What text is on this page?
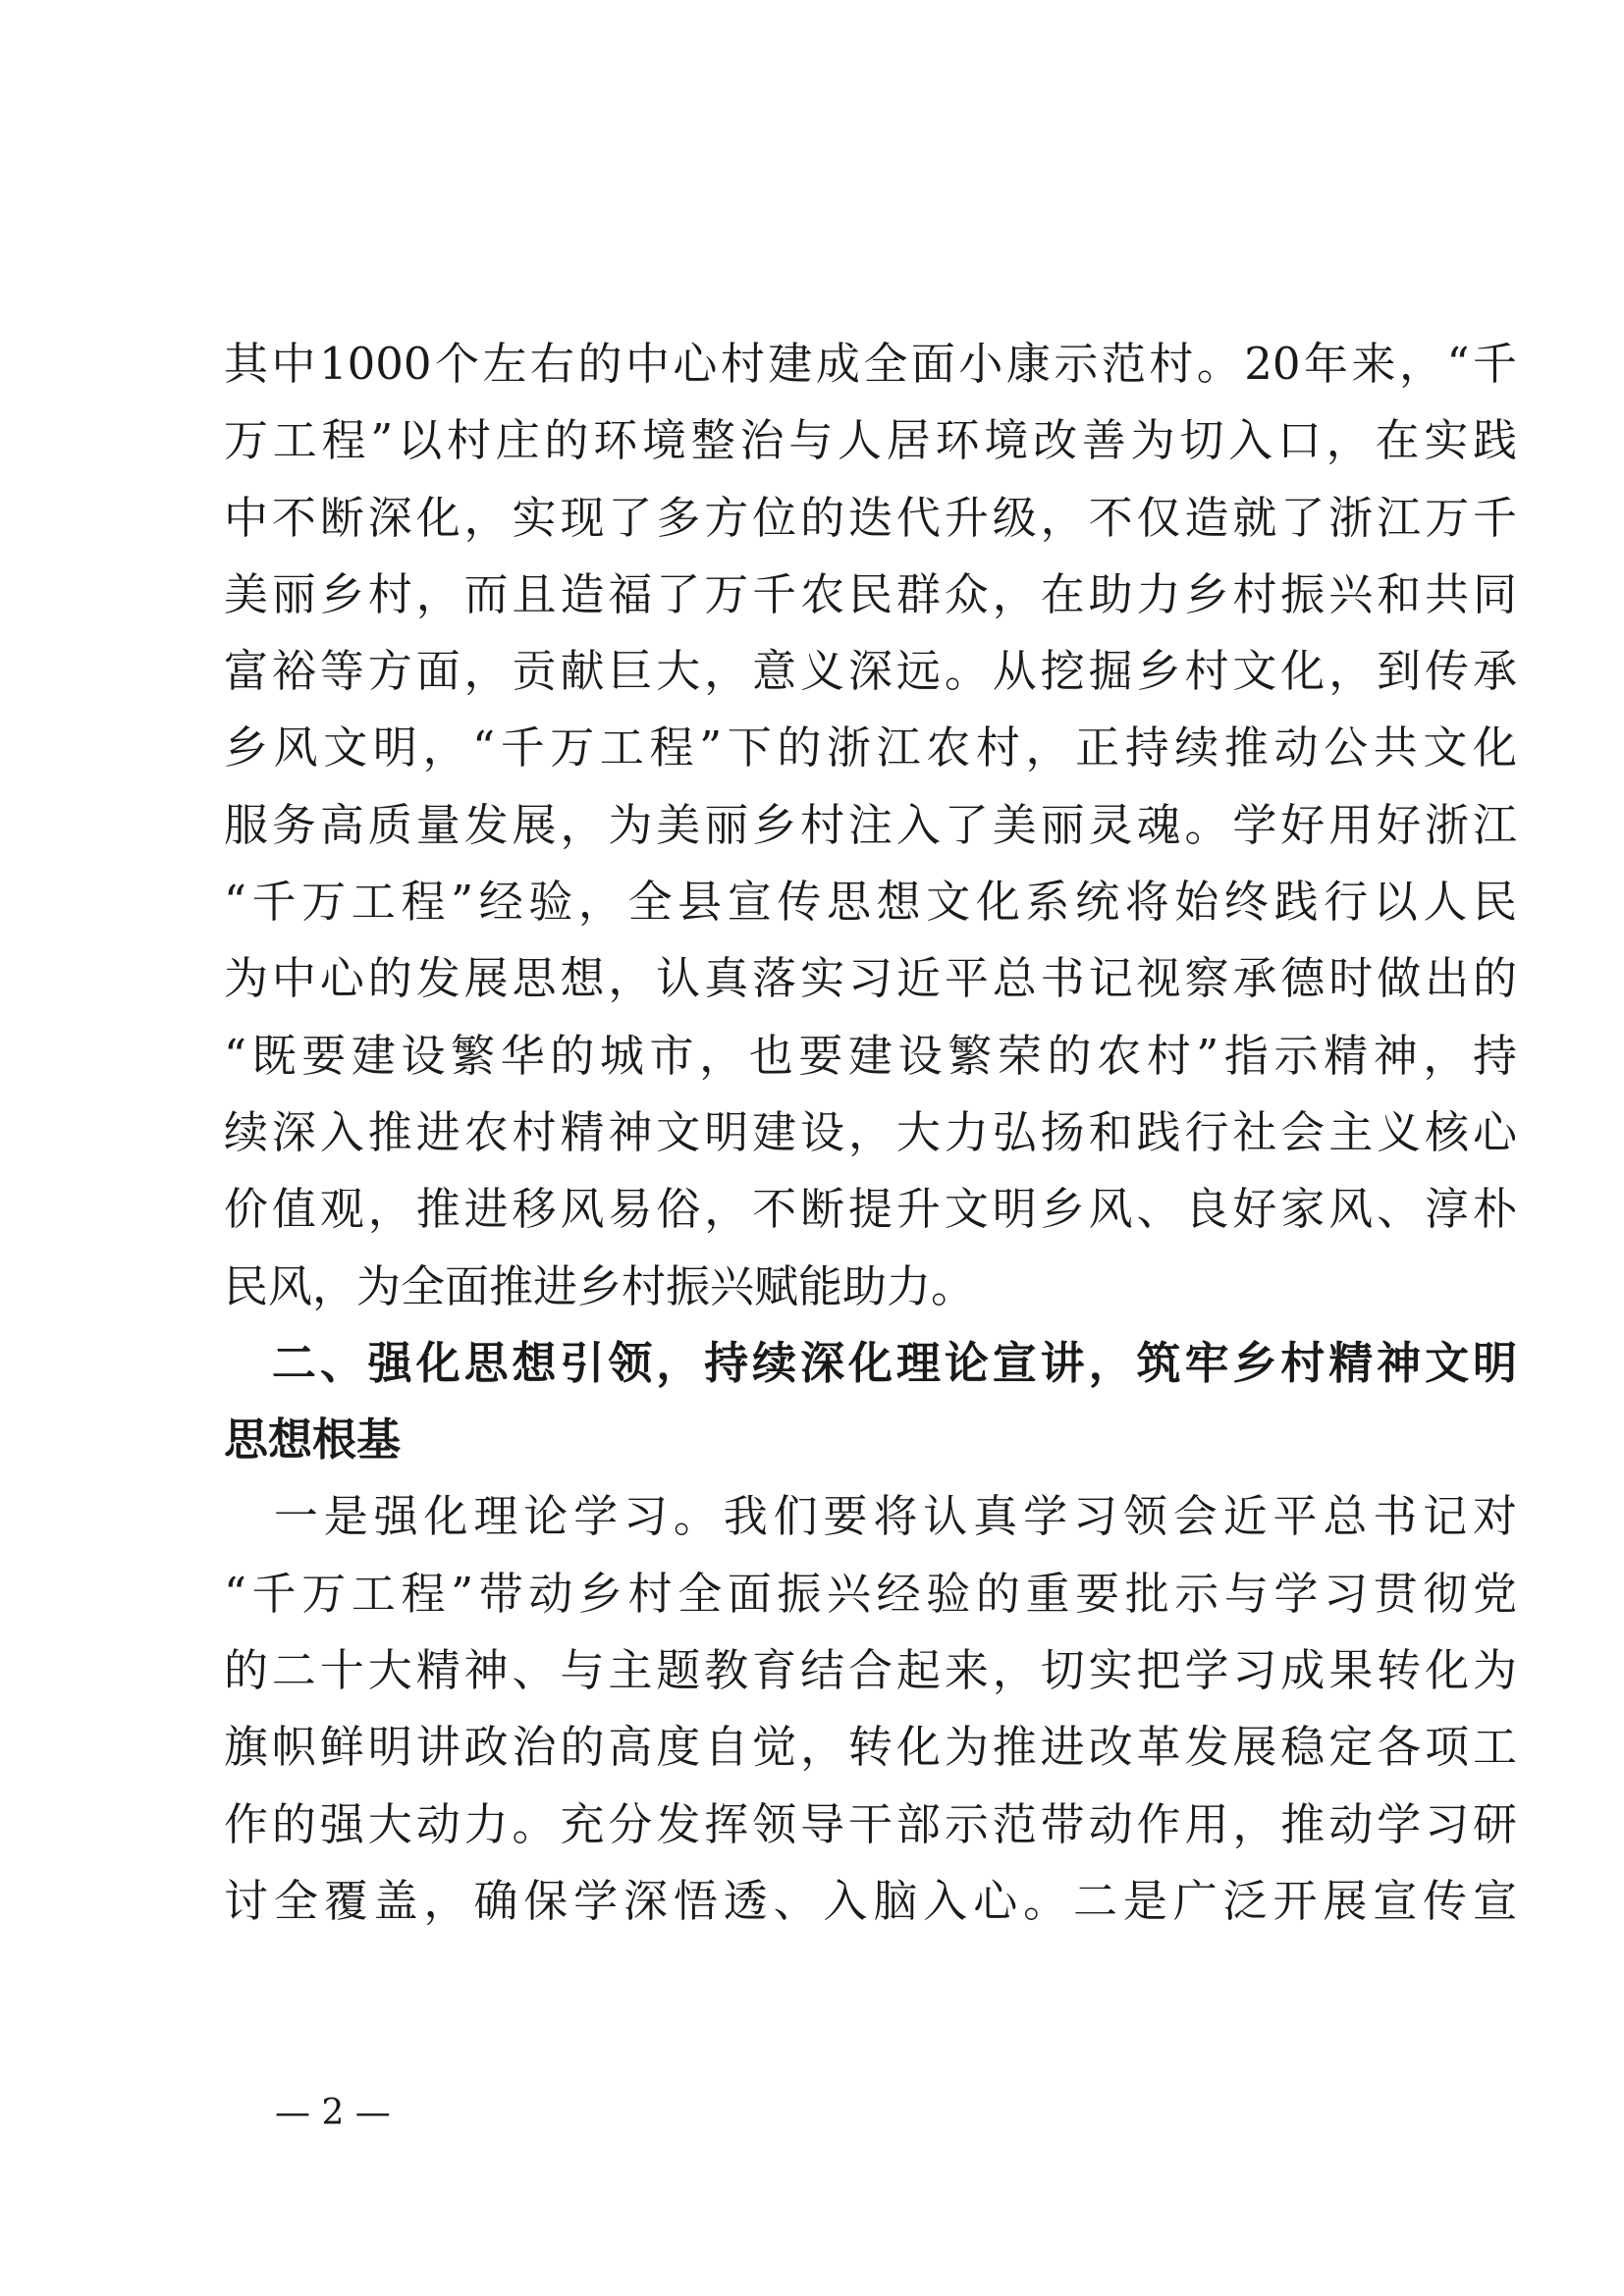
其中1000个左右的中心村建成全面小康示范村。20年来，“千
万工程”以村庄的环境整治与人居环境改善为切入口，在实践
中不断深化，实现了多方位的迭代升级，不仅造就了浙江万千
美丽乡村，而且造福了万千农民群众，在助力乡村振兴和共同
富裕等方面，贡献巨大，意义深远。从挖掘乡村文化，到传承
乡风文明，“千万工程”下的浙江农村，正持续推动公共文化
服务高质量发展，为美丽乡村注入了美丽灵魂。学好用好浙江
“千万工程”经验，全县宣传思想文化系统将始终践行以人民
为中心的发展思想，认真落实习近平总书记视察承德时做出的
“既要建设繁华的城市，也要建设繁荣的农村”指示精神，持
续深入推进农村精神文明建设，大力弘扬和践行社会主义核心
价值观，推进移风易俗，不断提升文明乡风、良好家风、淳朴
民风，为全面推进乡村振兴赋能助力。
　二、强化思想引领，持续深化理论宣讲，筑牢乡村精神文明
思想根基
　一是强化理论学习。我们要将认真学习领会近平总书记对
“千万工程”带动乡村全面振兴经验的重要批示与学习贯彻党
的二十大精神、与主题教育结合起来，切实把学习成果转化为
旗帜鲜明讲政治的高度自觉，转化为推进改革发展稳定各项工
作的强大动力。充分发挥领导干部示范带动作用，推动学习研
讨全覆盖，确保学深悟透、入脑入心。二是广泛开展宣传宣
— 2 —
